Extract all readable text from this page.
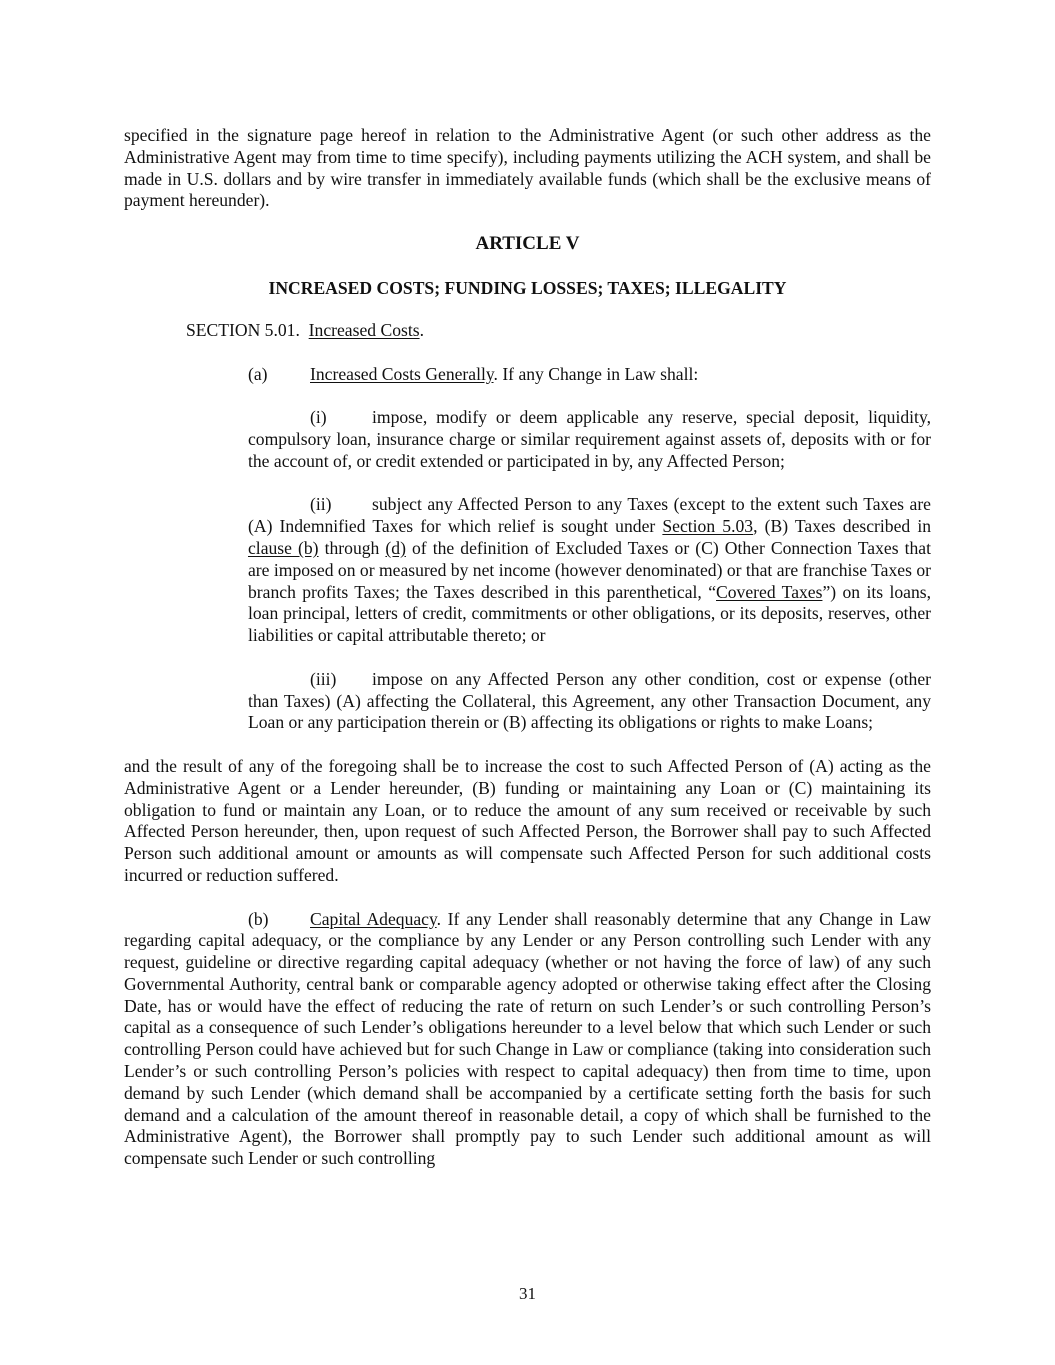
specified in the signature page hereof in relation to the Administrative Agent (or such other address as the Administrative Agent may from time to time specify), including payments utilizing the ACH system, and shall be made in U.S. dollars and by wire transfer in immediately available funds (which shall be the exclusive means of payment hereunder).

ARTICLE V

INCREASED COSTS; FUNDING LOSSES; TAXES; ILLEGALITY

SECTION 5.01. Increased Costs.

(a) Increased Costs Generally. If any Change in Law shall:

(i)	impose, modify or deem applicable any reserve, special deposit, liquidity, compulsory loan, insurance charge or similar requirement against assets of, deposits with or for the account of, or credit extended or participated in by, any Affected Person;

(ii) subject any Affected Person to any Taxes (except to the extent such Taxes are (A) Indemnified Taxes for which relief is sought under Section 5.03, (B) Taxes described in clause (b) through (d) of the definition of Excluded Taxes or (C) Other Connection Taxes that are imposed on or measured by net income (however denominated) or that are franchise Taxes or branch profits Taxes; the Taxes described in this parenthetical, “Covered Taxes”) on its loans, loan principal, letters of credit, commitments or other obligations, or its deposits, reserves, other liabilities or capital attributable thereto; or

(iii) impose on any Affected Person any other condition, cost or expense (other than Taxes) (A) affecting the Collateral, this Agreement, any other Transaction Document, any Loan or any participation therein or (B) affecting its obligations or rights to make Loans;

and the result of any of the foregoing shall be to increase the cost to such Affected Person of (A) acting as the Administrative Agent or a Lender hereunder, (B) funding or maintaining any Loan or (C) maintaining its obligation to fund or maintain any Loan, or to reduce the amount of any sum received or receivable by such Affected Person hereunder, then, upon request of such Affected Person, the Borrower shall pay to such Affected Person such additional amount or amounts as will compensate such Affected Person for such additional costs incurred or reduction suffered.

(b) Capital Adequacy. If any Lender shall reasonably determine that any Change in Law regarding capital adequacy, or the compliance by any Lender or any Person controlling such Lender with any request, guideline or directive regarding capital adequacy (whether or not having the force of law) of any such Governmental Authority, central bank or comparable agency adopted or otherwise taking effect after the Closing Date, has or would have the effect of reducing the rate of return on such Lender’s or such controlling Person’s capital as a consequence of such Lender’s obligations hereunder to a level below that which such Lender or such controlling Person could have achieved but for such Change in Law or compliance (taking into consideration such Lender’s or such controlling Person’s policies with respect to capital adequacy) then from time to time, upon demand by such Lender (which demand shall be accompanied by a certificate setting forth the basis for such demand and a calculation of the amount thereof in reasonable detail, a copy of which shall be furnished to the Administrative Agent), the Borrower shall promptly pay to such Lender such additional amount as will compensate such Lender or such controlling

31
